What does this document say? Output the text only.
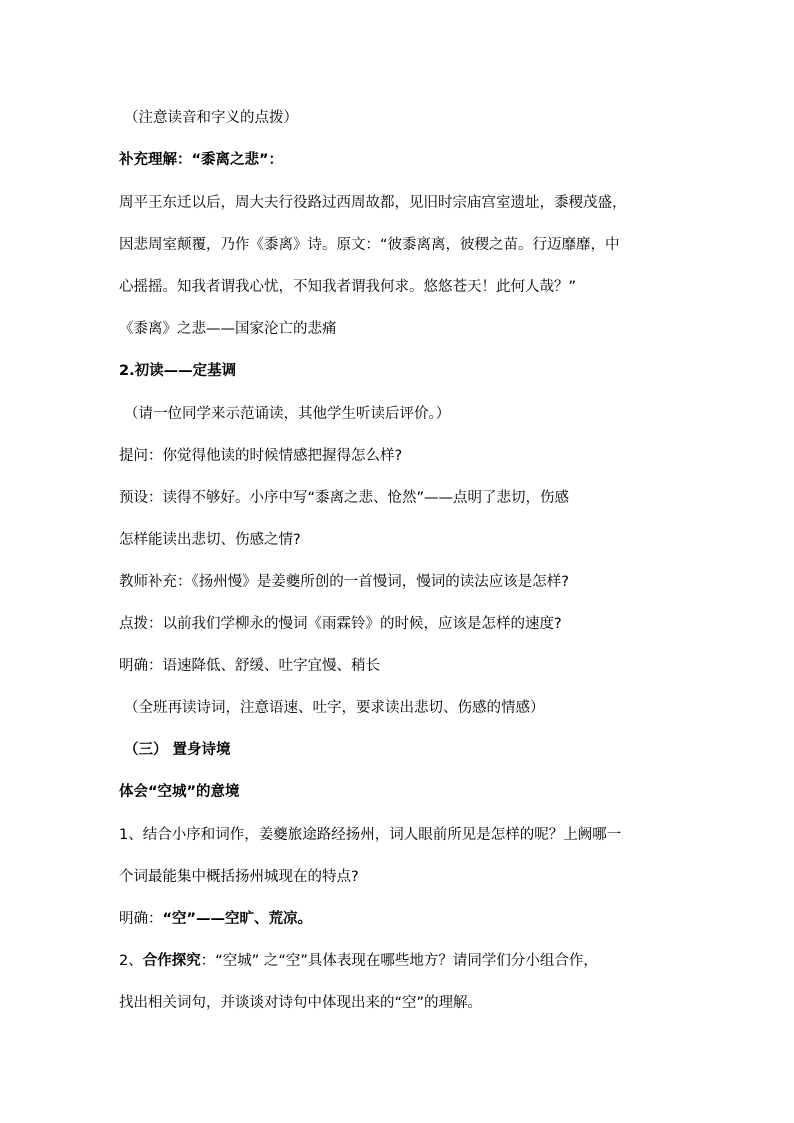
（注意读音和字义的点拨）
补充理解：“黍离之悲”：
周平王东迁以后，周大夫行役路过西周故都，见旧时宗庙宫室遗址，黍稷茂盛，
因悲周室颠覆，乃作《黍离》诗。原文：“彼黍离离，彼稷之苗。行迈靡靡，中
心摇摇。知我者谓我心忧，不知我者谓我何求。悠悠苍天！此何人哉？”
《黍离》之悲——国家沦亡的悲痛
2.初读——定基调
（请一位同学来示范诵读，其他学生听读后评价。）
提问：你觉得他读的时候情感把握得怎么样?
预设：读得不够好。小序中写“黍离之悲、怆然”——点明了悲切，伤感
怎样能读出悲切、伤感之情?
教师补充：《扬州慢》是姜夔所创的一首慢词，慢词的读法应该是怎样?
点拨：以前我们学柳永的慢词《雨霖铃》的时候，应该是怎样的速度?
明确：语速降低、舒缓、吐字宜慢、稍长
（全班再读诗词，注意语速、吐字，要求读出悲切、伤感的情感）
（三） 置身诗境
体会“空城”的意境
1、结合小序和词作，姜夔旅途路经扬州，词人眼前所见是怎样的呢？上阙哪一
个词最能集中概括扬州城现在的特点?
明确：“空”——空旷、荒凉。
2、合作探究：“空城” 之“空”具体表现在哪些地方？请同学们分小组合作，
找出相关词句，并谈谈对诗句中体现出来的“空”的理解。
